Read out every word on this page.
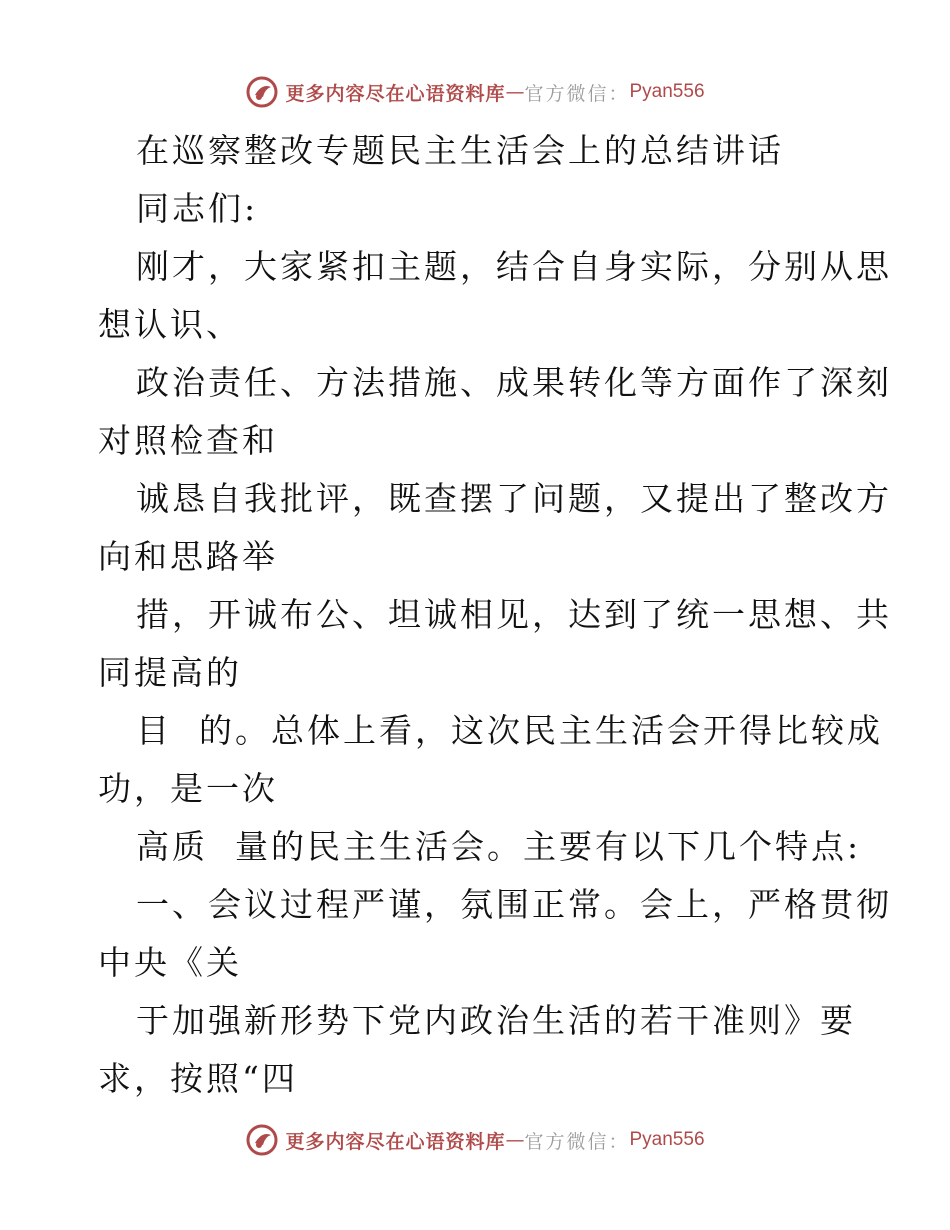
更多内容尽在心语资料库 — 官方微信： Pyan556
在巡察整改专题民主生活会上的总结讲话
同志们:
刚才，大家紧扣主题，结合自身实际，分别从思
想认识、
政治责任、方法措施、成果转化等方面作了深刻
对照检查和
诚恳自我批评，既查摆了问题，又提出了整改方
向和思路举
措，开诚布公、坦诚相见，达到了统一思想、共
同提高的
目  的。总体上看，这次民主生活会开得比较成
功，是一次
高质  量的民主生活会。主要有以下几个特点:
一、会议过程严谨，氛围正常。会上，严格贯彻
中央《关
于加强新形势下党内政治生活的若干准则》要
求，按照“四
更多内容尽在心语资料库 — 官方微信： Pyan556
